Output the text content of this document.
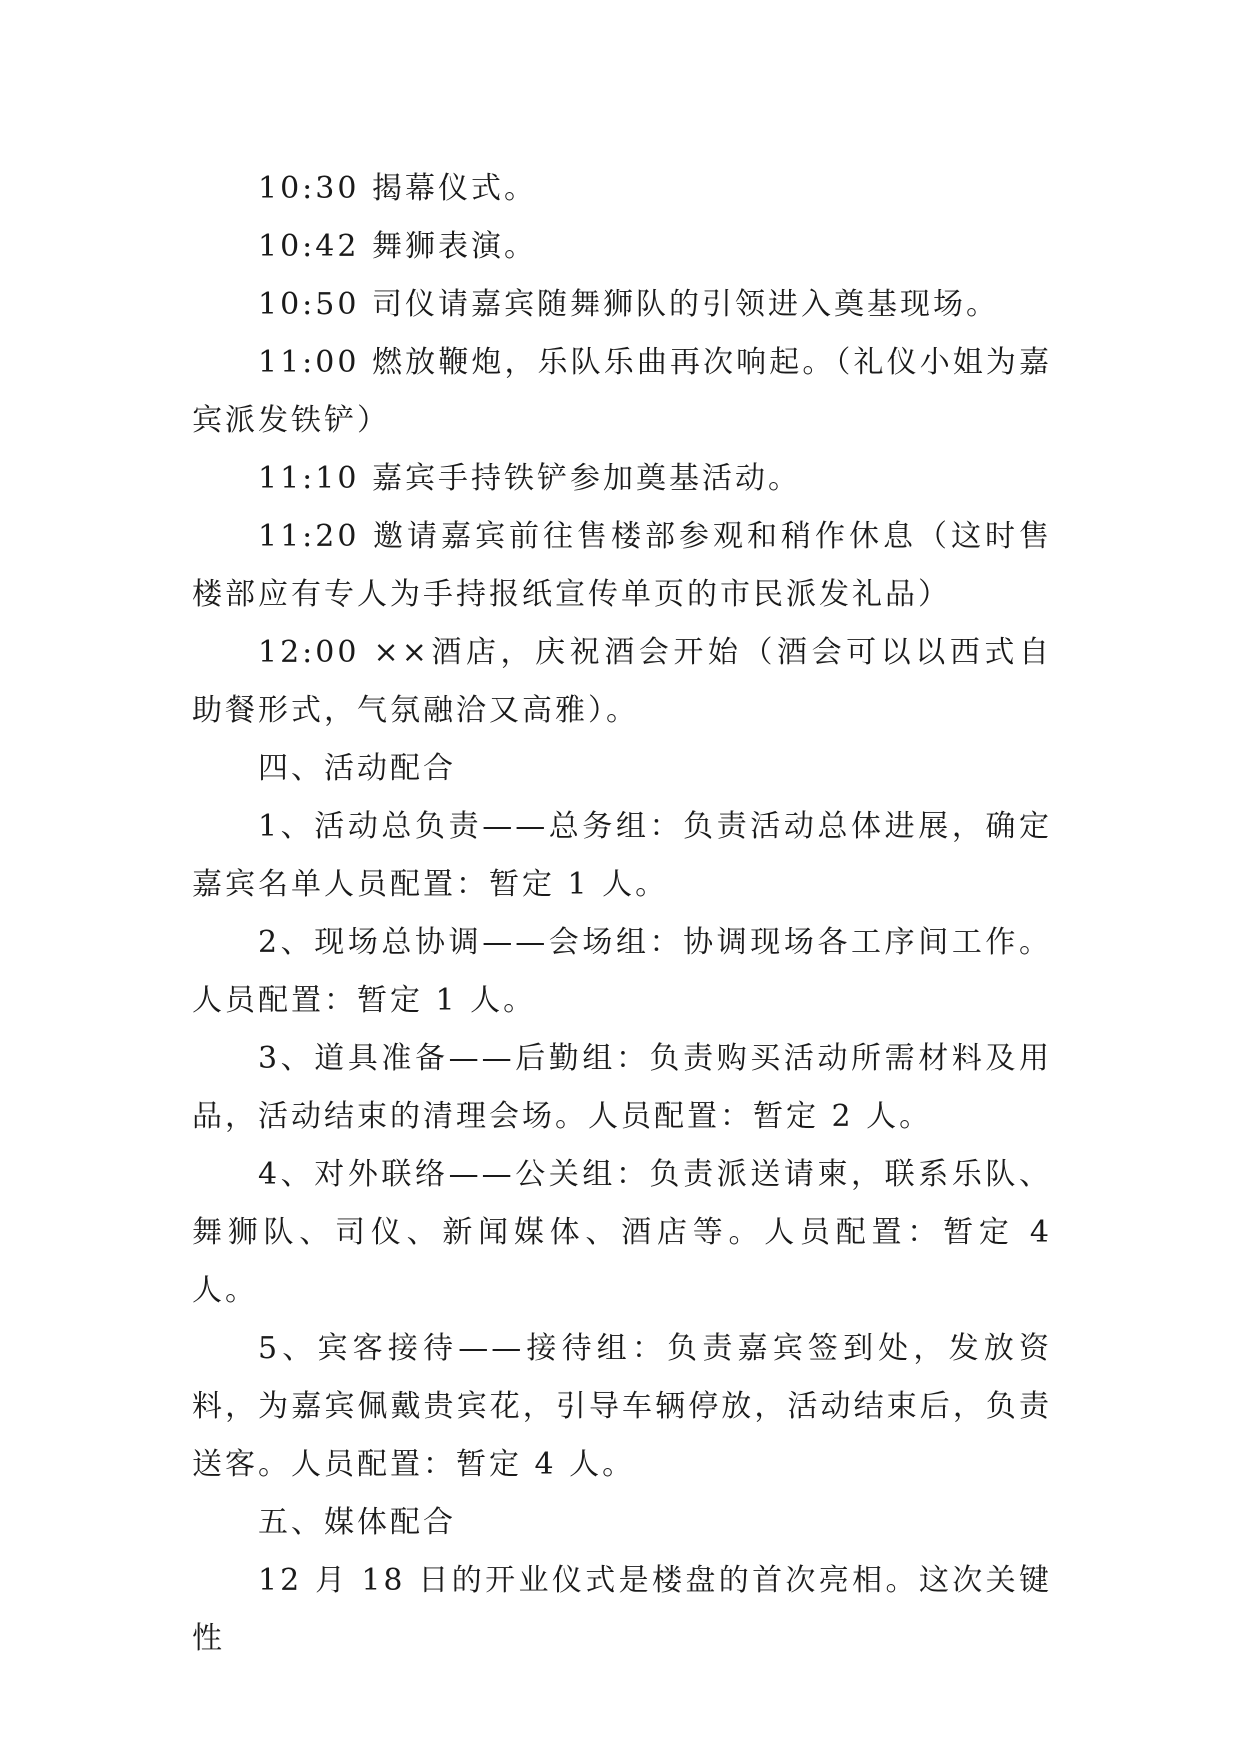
10:30 揭幕仪式。

10:42 舞狮表演。

10:50 司仪请嘉宾随舞狮队的引领进入奠基现场。

11:00 燃放鞭炮，乐队乐曲再次响起。（礼仪小姐为嘉宾派发铁铲）

11:10 嘉宾手持铁铲参加奠基活动。

11:20 邀请嘉宾前往售楼部参观和稍作休息（这时售楼部应有专人为手持报纸宣传单页的市民派发礼品）

12:00 ××酒店，庆祝酒会开始（酒会可以以西式自助餐形式，气氛融洽又高雅）。

四、活动配合

1、活动总负责——总务组：负责活动总体进展，确定嘉宾名单人员配置：暂定 1 人。

2、现场总协调——会场组：协调现场各工序间工作。人员配置：暂定 1 人。

3、道具准备——后勤组：负责购买活动所需材料及用品，活动结束的清理会场。人员配置：暂定 2 人。

4、对外联络——公关组：负责派送请柬，联系乐队、舞狮队、司仪、新闻媒体、酒店等。人员配置：暂定 4 人。

5、宾客接待——接待组：负责嘉宾签到处，发放资料，为嘉宾佩戴贵宾花，引导车辆停放，活动结束后，负责送客。人员配置：暂定 4 人。

五、媒体配合

12 月 18 日的开业仪式是楼盘的首次亮相。这次关键性
